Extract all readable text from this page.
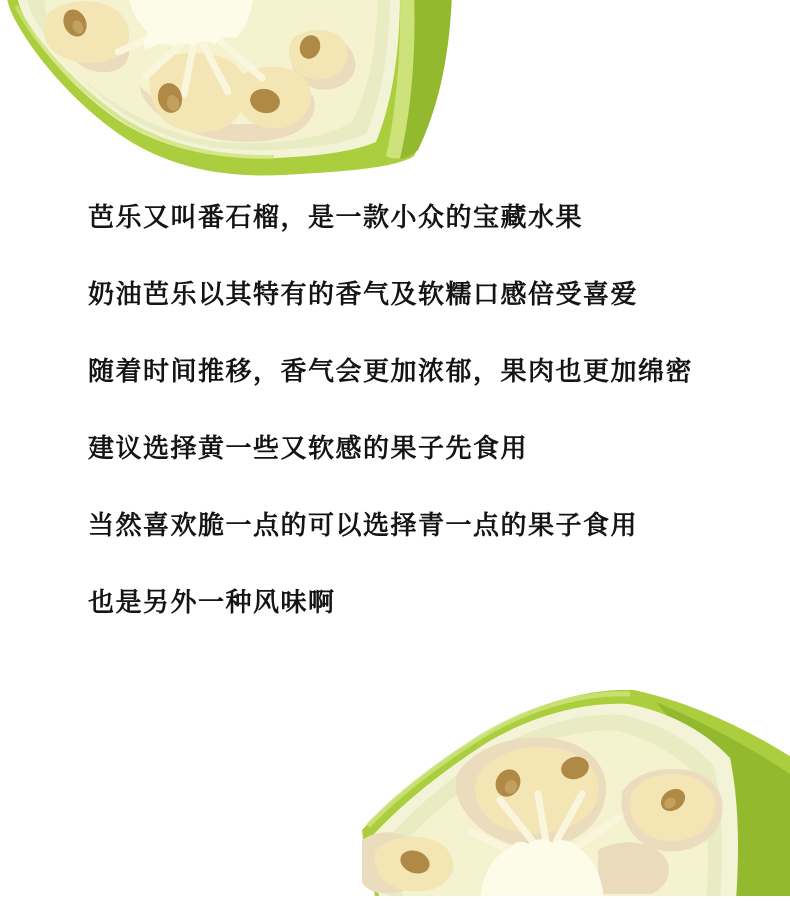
芭乐又叫番石榴，是一款小众的宝藏水果
奶油芭乐以其特有的香气及软糯口感倍受喜爱
随着时间推移，香气会更加浓郁，果肉也更加绵密
建议选择黄一些又软感的果子先食用
当然喜欢脆一点的可以选择青一点的果子食用
也是另外一种风味啊
